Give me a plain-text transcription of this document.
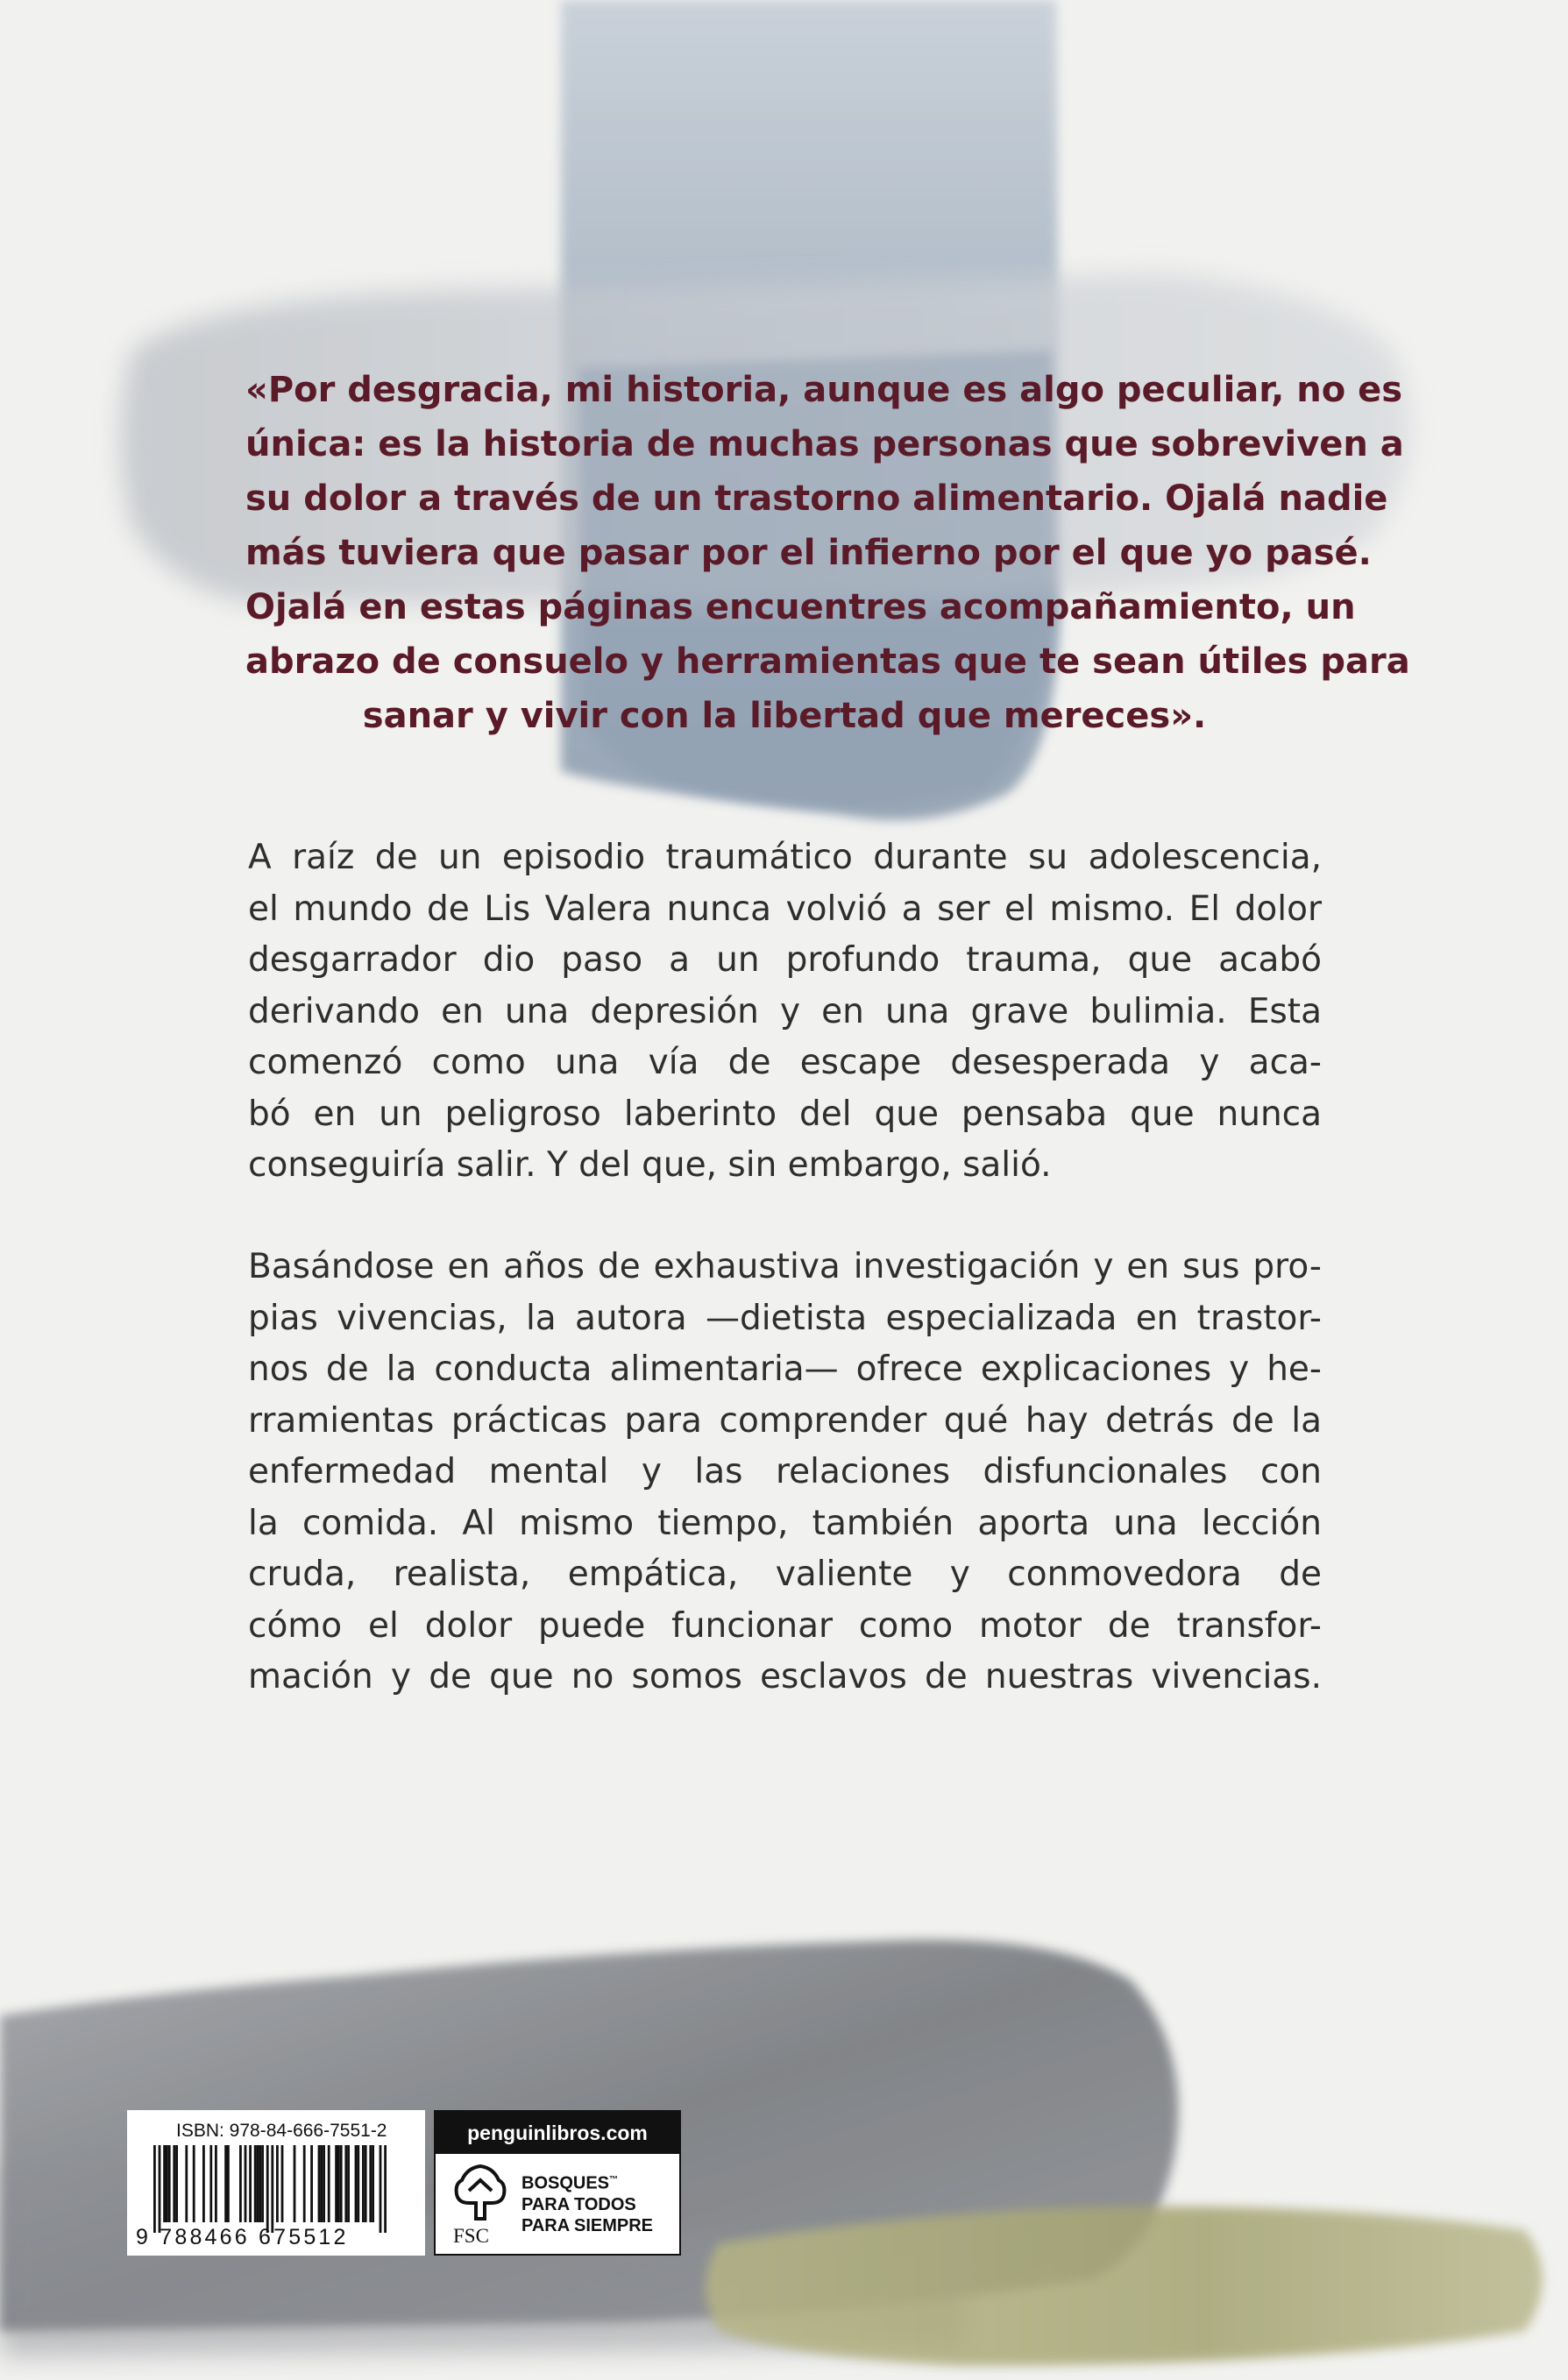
«Por desgracia, mi historia, aunque es algo peculiar, no es
única: es la historia de muchas personas que sobreviven a
su dolor a través de un trastorno alimentario. Ojalá nadie
más tuviera que pasar por el infierno por el que yo pasé.
Ojalá en estas páginas encuentres acompañamiento, un
abrazo de consuelo y herramientas que te sean útiles para
sanar y vivir con la libertad que mereces».
A raíz de un episodio traumático durante su adolescencia,
el mundo de Lis Valera nunca volvió a ser el mismo. El dolor
desgarrador dio paso a un profundo trauma, que acabó
derivando en una depresión y en una grave bulimia. Esta
comenzó como una vía de escape desesperada y aca-
bó en un peligroso laberinto del que pensaba que nunca
conseguiría salir. Y del que, sin embargo, salió.
Basándose en años de exhaustiva investigación y en sus pro-
pias vivencias, la autora —dietista especializada en trastor-
nos de la conducta alimentaria— ofrece explicaciones y he-
rramientas prácticas para comprender qué hay detrás de la
enfermedad mental y las relaciones disfuncionales con
la comida. Al mismo tiempo, también aporta una lección
cruda, realista, empática, valiente y conmovedora de
cómo el dolor puede funcionar como motor de transfor-
mación y de que no somos esclavos de nuestras vivencias.
ISBN: 978-84-666-7551-2
9 788466 675512
penguinlibros.com
FSC
BOSQUES™
PARA TODOS
PARA SIEMPRE
